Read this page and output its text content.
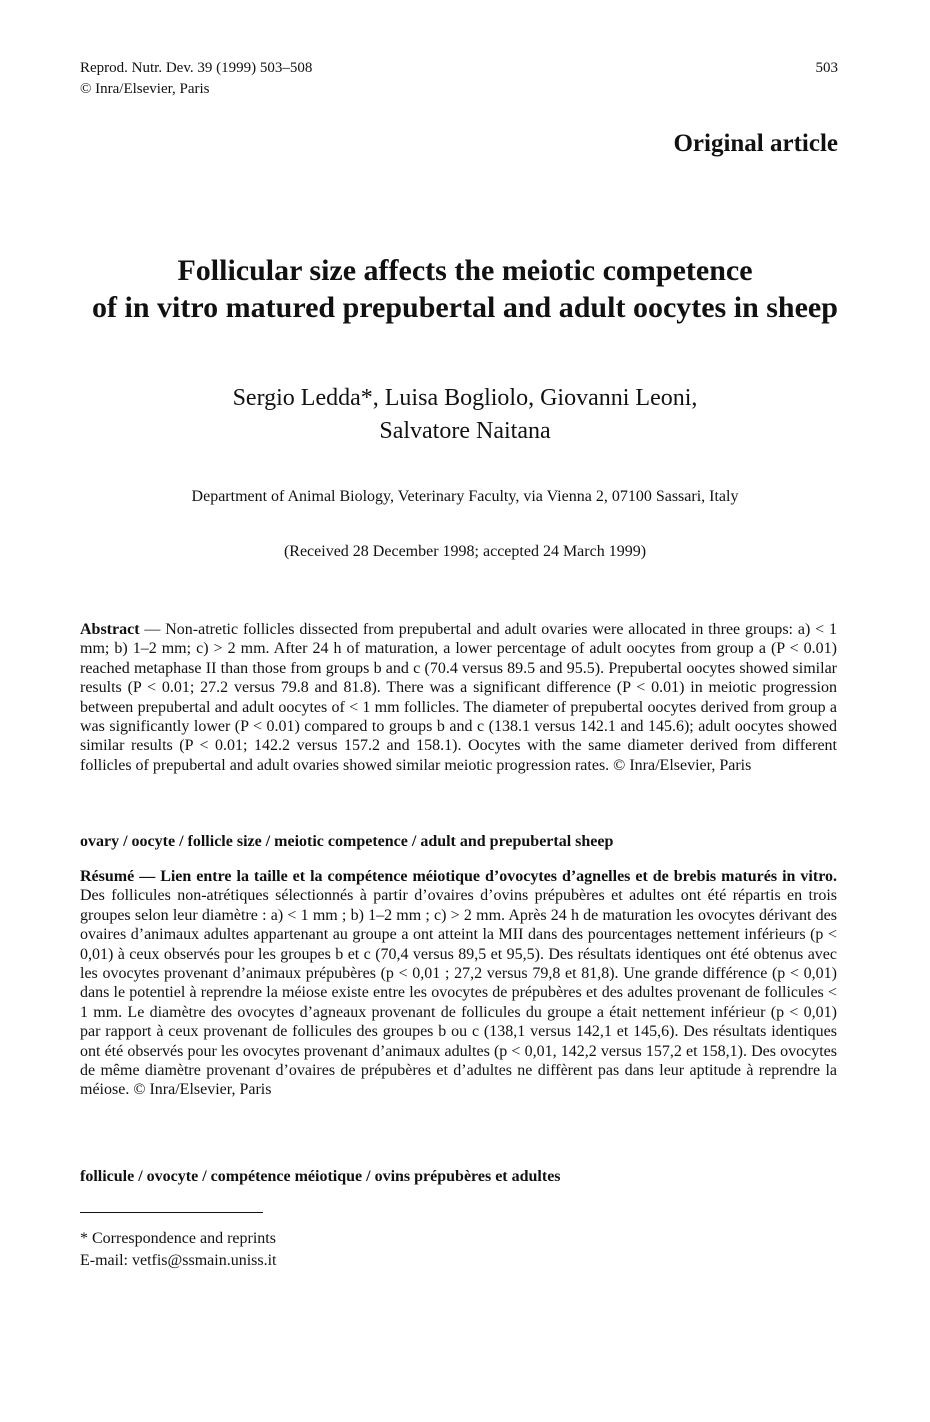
Reprod. Nutr. Dev. 39 (1999) 503–508
© Inra/Elsevier, Paris
503
Original article
Follicular size affects the meiotic competence
of in vitro matured prepubertal and adult oocytes in sheep
Sergio Ledda*, Luisa Bogliolo, Giovanni Leoni,
Salvatore Naitana
Department of Animal Biology, Veterinary Faculty, via Vienna 2, 07100 Sassari, Italy
(Received 28 December 1998; accepted 24 March 1999)
Abstract — Non-atretic follicles dissected from prepubertal and adult ovaries were allocated in three groups: a) < 1 mm; b) 1–2 mm; c) > 2 mm. After 24 h of maturation, a lower percentage of adult oocytes from group a (P < 0.01) reached metaphase II than those from groups b and c (70.4 versus 89.5 and 95.5). Prepubertal oocytes showed similar results (P < 0.01; 27.2 versus 79.8 and 81.8). There was a significant difference (P < 0.01) in meiotic progression between prepubertal and adult oocytes of < 1 mm follicles. The diameter of prepubertal oocytes derived from group a was significantly lower (P < 0.01) compared to groups b and c (138.1 versus 142.1 and 145.6); adult oocytes showed similar results (P < 0.01; 142.2 versus 157.2 and 158.1). Oocytes with the same diameter derived from different follicles of prepubertal and adult ovaries showed similar meiotic progression rates. © Inra/Elsevier, Paris
ovary / oocyte / follicle size / meiotic competence / adult and prepubertal sheep
Résumé — Lien entre la taille et la compétence méiotique d’ovocytes d’agnelles et de brebis maturés in vitro. Des follicules non-atrétiques sélectionnés à partir d’ovaires d’ovins prépubères et adultes ont été répartis en trois groupes selon leur diamètre : a) < 1 mm ; b) 1–2 mm ; c) > 2 mm. Après 24 h de maturation les ovocytes dérivant des ovaires d’animaux adultes appartenant au groupe a ont atteint la MII dans des pourcentages nettement inférieurs (p < 0,01) à ceux observés pour les groupes b et c (70,4 versus 89,5 et 95,5). Des résultats identiques ont été obtenus avec les ovocytes provenant d’animaux prépubères (p < 0,01 ; 27,2 versus 79,8 et 81,8). Une grande différence (p < 0,01) dans le potentiel à reprendre la méiose existe entre les ovocytes de prépubères et des adultes provenant de follicules < 1 mm. Le diamètre des ovocytes d’agneaux provenant de follicules du groupe a était nettement inférieur (p < 0,01) par rapport à ceux provenant de follicules des groupes b ou c (138,1 versus 142,1 et 145,6). Des résultats identiques ont été observés pour les ovocytes provenant d’animaux adultes (p < 0,01, 142,2 versus 157,2 et 158,1). Des ovocytes de même diamètre provenant d’ovaires de prépubères et d’adultes ne diffèrent pas dans leur aptitude à reprendre la méiose. © Inra/Elsevier, Paris
follicule / ovocyte / compétence méiotique / ovins prépubères et adultes
* Correspondence and reprints
E-mail: vetfis@ssmain.uniss.it
